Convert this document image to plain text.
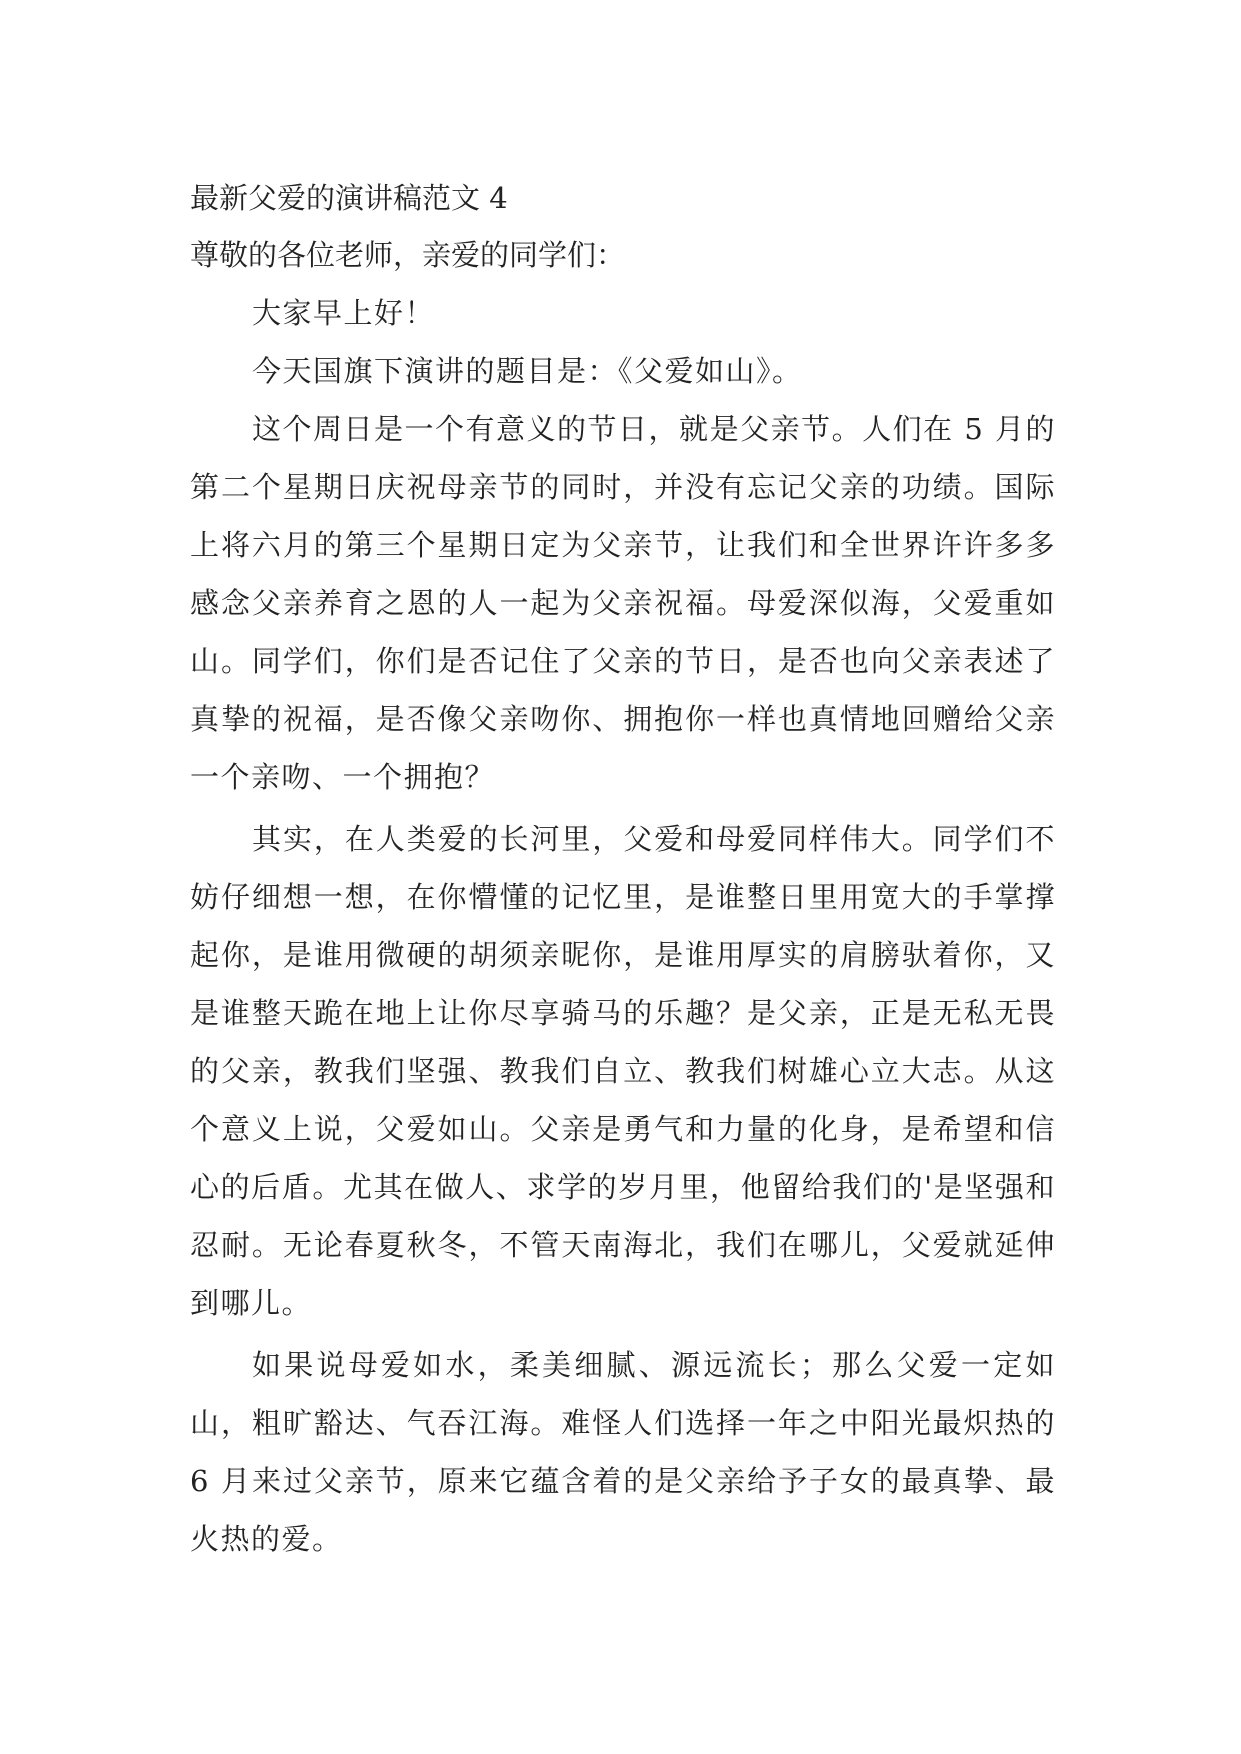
最新父爱的演讲稿范文 4

尊敬的各位老师，亲爱的同学们：

大家早上好！

今天国旗下演讲的题目是：《父爱如山》。

这个周日是一个有意义的节日，就是父亲节。人们在 5 月的第二个星期日庆祝母亲节的同时，并没有忘记父亲的功绩。国际上将六月的第三个星期日定为父亲节，让我们和全世界许许多多感念父亲养育之恩的人一起为父亲祝福。母爱深似海，父爱重如山。同学们，你们是否记住了父亲的节日，是否也向父亲表述了真挚的祝福，是否像父亲吻你、拥抱你一样也真情地回赠给父亲一个亲吻、一个拥抱？

其实，在人类爱的长河里，父爱和母爱同样伟大。同学们不妨仔细想一想，在你懵懂的记忆里，是谁整日里用宽大的手掌撑起你，是谁用微硬的胡须亲昵你，是谁用厚实的肩膀驮着你，又是谁整天跪在地上让你尽享骑马的乐趣？是父亲，正是无私无畏的父亲，教我们坚强、教我们自立、教我们树雄心立大志。从这个意义上说，父爱如山。父亲是勇气和力量的化身，是希望和信心的后盾。尤其在做人、求学的岁月里，他留给我们的'是坚强和忍耐。无论春夏秋冬，不管天南海北，我们在哪儿，父爱就延伸到哪儿。

如果说母爱如水，柔美细腻、源远流长；那么父爱一定如山，粗旷豁达、气吞江海。难怪人们选择一年之中阳光最炽热的 6 月来过父亲节，原来它蕴含着的是父亲给予子女的最真挚、最火热的爱。
